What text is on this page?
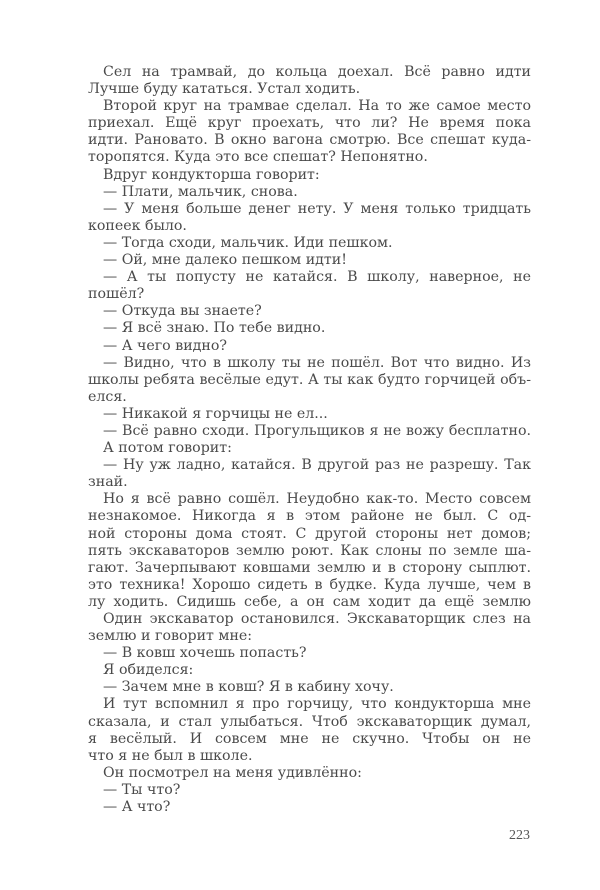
Сел на трамвай, до кольца доехал. Всё равно идти
Лучше буду кататься. Устал ходить.
Второй круг на трамвае сделал. На то же самое место
приехал. Ещё круг проехать, что ли? Не время пока
идти. Рановато. В окно вагона смотрю. Все спешат куда-
торопятся. Куда это все спешат? Непонятно.
Вдруг кондукторша говорит:
— Плати, мальчик, снова.
— У меня больше денег нету. У меня только тридцать
копеек было.
— Тогда сходи, мальчик. Иди пешком.
— Ой, мне далеко пешком идти!
— А ты попусту не катайся. В школу, наверное, не
пошёл?
— Откуда вы знаете?
— Я всё знаю. По тебе видно.
— А чего видно?
— Видно, что в школу ты не пошёл. Вот что видно. Из
школы ребята весёлые едут. А ты как будто горчицей объ-
елся.
— Никакой я горчицы не ел...
— Всё равно сходи. Прогульщиков я не вожу бесплатно.
А потом говорит:
— Ну уж ладно, катайся. В другой раз не разрешу. Так
знай.
Но я всё равно сошёл. Неудобно как-то. Место совсем
незнакомое. Никогда я в этом районе не был. С од-
ной стороны дома стоят. С другой стороны нет домов;
пять экскаваторов землю роют. Как слоны по земле ша-
гают. Зачерпывают ковшами землю и в сторону сыплют.
это техника! Хорошо сидеть в будке. Куда лучше, чем в
лу ходить. Сидишь себе, а он сам ходит да ещё землю
Один экскаватор остановился. Экскаваторщик слез на
землю и говорит мне:
— В ковш хочешь попасть?
Я обиделся:
— Зачем мне в ковш? Я в кабину хочу.
И тут вспомнил я про горчицу, что кондукторша мне
сказала, и стал улыбаться. Чтоб экскаваторщик думал,
я весёлый. И совсем мне не скучно. Чтобы он не
что я не был в школе.
Он посмотрел на меня удивлённо:
— Ты что?
— А что?
223
